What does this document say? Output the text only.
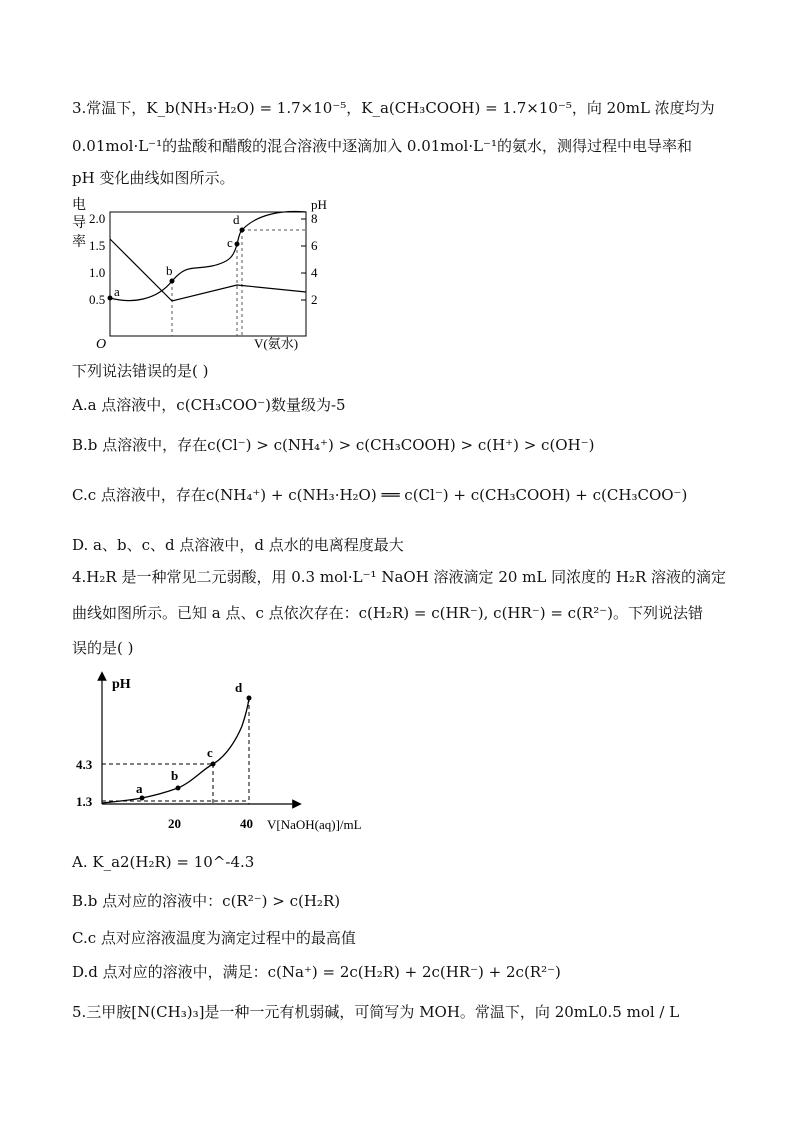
3.常温下，K_b(NH₃·H₂O) = 1.7×10⁻⁵，K_a(CH₃COOH) = 1.7×10⁻⁵，向 20mL 浓度均为
0.01mol·L⁻¹的盐酸和醋酸的混合溶液中逐滴加入 0.01mol·L⁻¹的氨水，测得过程中电导率和
pH 变化曲线如图所示。
电
导
率
2.0
1.5
1.0
0.5
pH
8
6
4
2
O	V(氨水)
a
b
c
d
下列说法错误的是( )
A.a 点溶液中，c(CH₃COO⁻)数量级为-5
B.b 点溶液中，存在c(Cl⁻) > c(NH₄⁺) > c(CH₃COOH) > c(H⁺) > c(OH⁻)
C.c 点溶液中，存在c(NH₄⁺) + c(NH₃·H₂O) ══ c(Cl⁻) + c(CH₃COOH) + c(CH₃COO⁻)
D. a、b、c、d 点溶液中，d 点水的电离程度最大
4.H₂R 是一种常见二元弱酸，用 0.3 mol·L⁻¹ NaOH 溶液滴定 20 mL 同浓度的 H₂R 溶液的滴定
曲线如图所示。已知 a 点、c 点依次存在：c(H₂R) = c(HR⁻), c(HR⁻) = c(R²⁻)。下列说法错
误的是( )
pH
4.3
1.3
20	40 V[NaOH(aq)]/mL
a
b
c
d
A. K_a2(H₂R) = 10^-4.3
B.b 点对应的溶液中：c(R²⁻) > c(H₂R)
C.c 点对应溶液温度为滴定过程中的最高值
D.d 点对应的溶液中，满足：c(Na⁺) = 2c(H₂R) + 2c(HR⁻) + 2c(R²⁻)
5.三甲胺[N(CH₃)₃]是一种一元有机弱碱，可简写为 MOH。常温下，向 20mL0.5 mol / L
